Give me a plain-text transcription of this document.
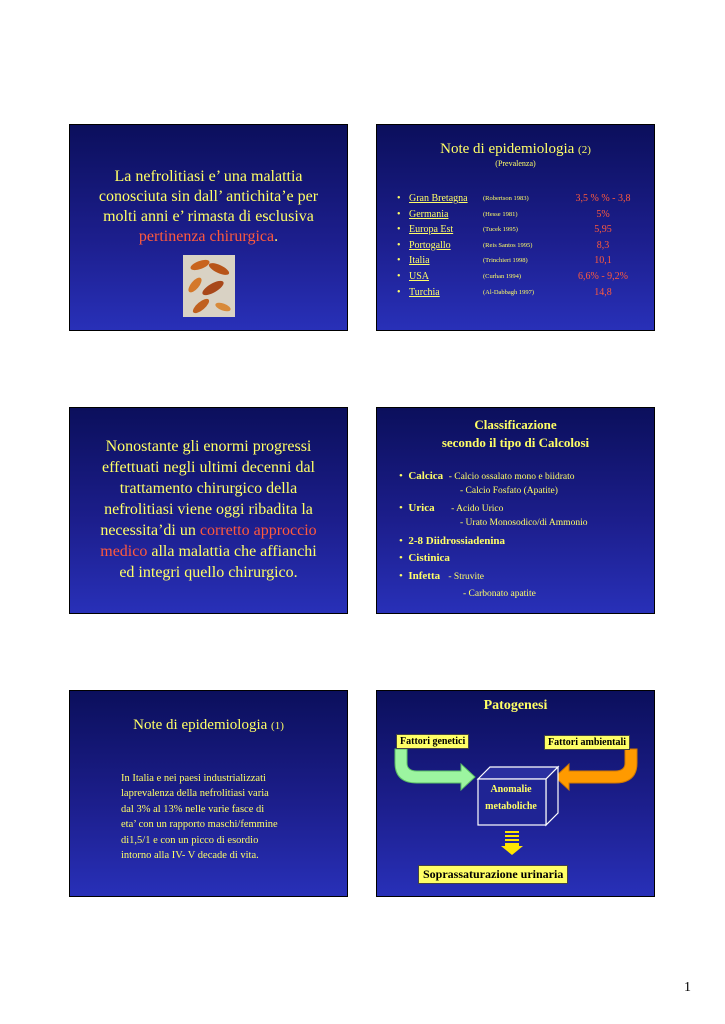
La nefrolitiasi e’ una malattia
conosciuta sin dall’ antichita’e per
molti anni e’ rimasta di esclusiva
pertinenza chirurgica.
Note di epidemiologia (2)
(Prevalenza)
• Gran Bretagna (Robertson 1983)	3,5 % % - 3,8
• Germania	(Hesse 1981)	5%
• Europa Est	(Tucek 1995)	5,95
• Portogallo	(Reis Santos 1995)	8,3
• Italia	(Trinchieri 1998)	10,1
• USA	(Curhan 1994)	6,6% - 9,2%
• Turchia	(Al-Dabbagh 1997)	14,8
Nonostante gli enormi progressi
effettuati negli ultimi decenni dal
trattamento chirurgico della
nefrolitiasi viene oggi ribadita la
necessita’di un corretto approccio
medico alla malattia che affianchi
ed integri quello chirurgico.
Classificazione
secondo il tipo di Calcolosi
• Calcica - Calcio ossalato mono e biidrato
- Calcio Fosfato (Apatite)
• Urica - Acido Urico
- Urato Monosodico/di Ammonio
• 2-8 Diidrossiadenina
• Cistinica
• Infetta - Struvite
- Carbonato apatite
Note di epidemiologia (1)
In Italia e nei paesi industrializzati
laprevalenza della nefrolitiasi varia
dal 3% al 13% nelle varie fasce di
eta’ con un rapporto maschi/femmine
di1,5/1 e con un picco di esordio
intorno alla IV- V decade di vita.
Patogenesi
Fattori genetici	Fattori ambientali
Anomalie
metaboliche
Soprassaturazione urinaria
1
